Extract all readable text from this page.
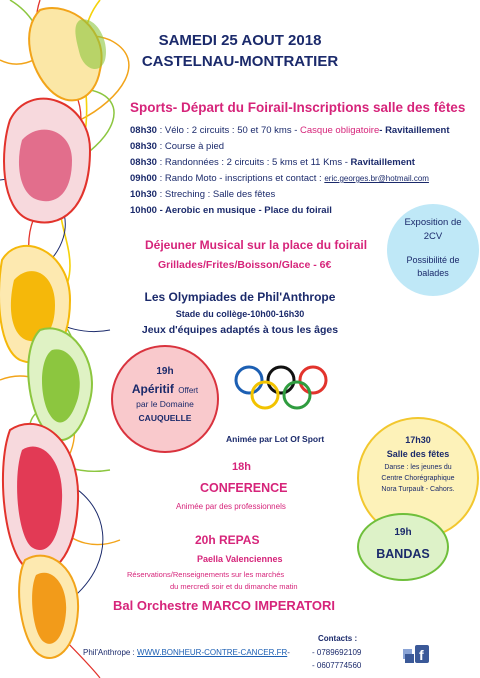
SAMEDI 25 AOUT 2018
CASTELNAU-MONTRATIER
Sports- Départ du Foirail-Inscriptions salle des fêtes
08h30 : Vélo : 2 circuits : 50 et 70 kms - Casque obligatoire- Ravitaillement
08h30 : Course à pied
08h30 : Randonnées : 2 circuits : 5 kms et 11 Kms - Ravitaillement
09h00 : Rando Moto - inscriptions et contact : eric.georges.br@hotmail.com
10h30 : Streching : Salle des fêtes
10h00 - Aerobic en musique - Place du foirail
Exposition de
2CV
Possibilité de
balades
Déjeuner Musical sur la place du foirail
Grillades/Frites/Boisson/Glace - 6€
Les Olympiades de Phil'Anthrope
Stade du collège-10h00-16h30
Jeux d'équipes adaptés à tous les âges
19h
Apéritif Offert
par le Domaine
CAUQUELLE
Animée par Lot Of Sport	17h30
Salle des fêtes
Danse : les jeunes du
Centre Chorégraphique
Nora Turpault - Cahors.
18h
CONFERENCE
Animée par des professionnels
19h
BANDAS
20h REPAS
Paella Valenciennes
Réservations/Renseignements sur les marchés
du mercredi soir et du dimanche matin
Bal Orchestre MARCO IMPERATORI
Contacts :
Phil'Anthrope : WWW.BONHEUR-CONTRE-CANCER.FR-	- 0789692109
- 0607774560
f
